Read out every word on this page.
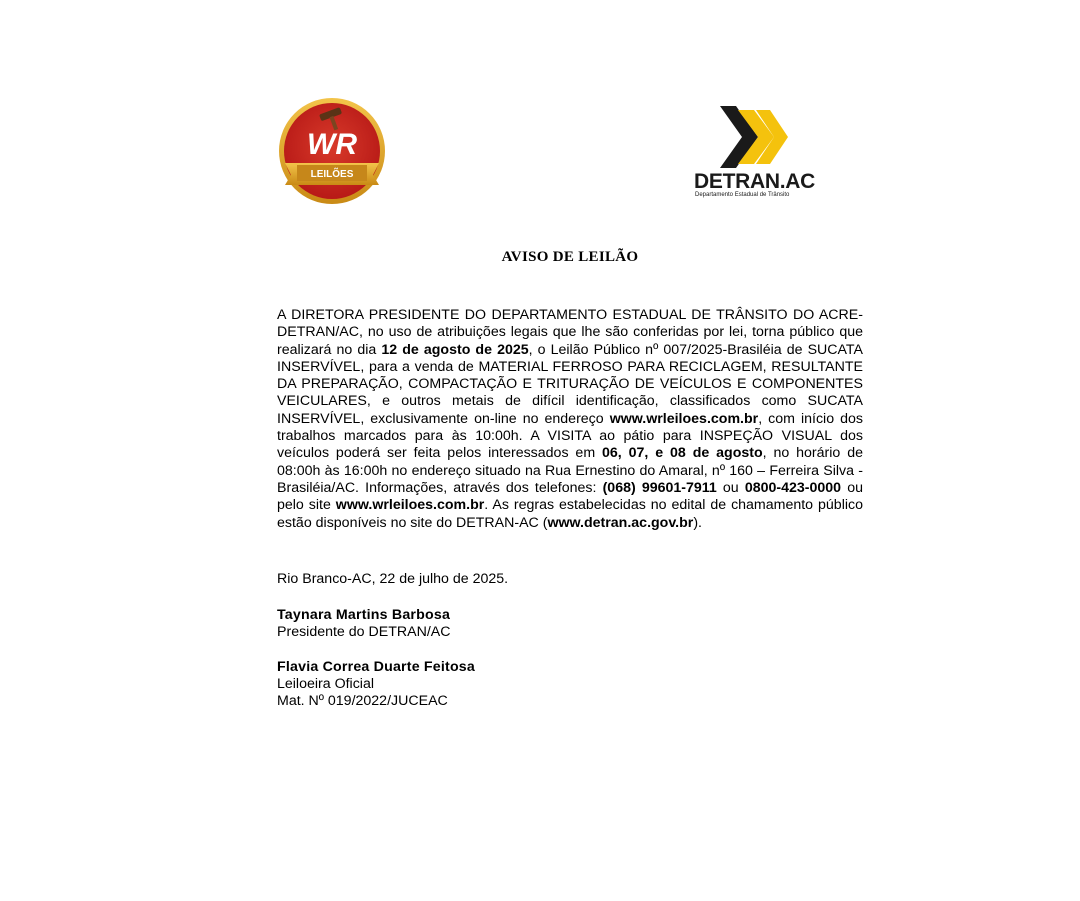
WR
LEILÕES	DETRAN.AC
Departamento Estadual de Trânsito
AVISO DE LEILÃO
A DIRETORA PRESIDENTE DO DEPARTAMENTO ESTADUAL DE TRÂNSITO DO ACRE-DETRAN/AC, no uso de atribuições legais que lhe são conferidas por lei, torna público que realizará no dia 12 de agosto de 2025, o Leilão Público nº 007/2025-Brasiléia de SUCATA INSERVÍVEL, para a venda de MATERIAL FERROSO PARA RECICLAGEM, RESULTANTE DA PREPARAÇÃO, COMPACTAÇÃO E TRITURAÇÃO DE VEÍCULOS E COMPONENTES VEICULARES, e outros metais de difícil identificação, classificados como SUCATA INSERVÍVEL, exclusivamente on-line no endereço www.wrleiloes.com.br, com início dos trabalhos marcados para às 10:00h. A VISITA ao pátio para INSPEÇÃO VISUAL dos veículos poderá ser feita pelos interessados em 06, 07, e 08 de agosto, no horário de 08:00h às 16:00h no endereço situado na Rua Ernestino do Amaral, nº 160 – Ferreira Silva - Brasiléia/AC. Informações, através dos telefones: (068) 99601-7911 ou 0800-423-0000 ou pelo site www.wrleiloes.com.br. As regras estabelecidas no edital de chamamento público estão disponíveis no site do DETRAN-AC (www.detran.ac.gov.br).
Rio Branco-AC, 22 de julho de 2025.
Taynara Martins Barbosa
Presidente do DETRAN/AC
Flavia Correa Duarte Feitosa
Leiloeira Oficial
Mat. Nº 019/2022/JUCEAC
